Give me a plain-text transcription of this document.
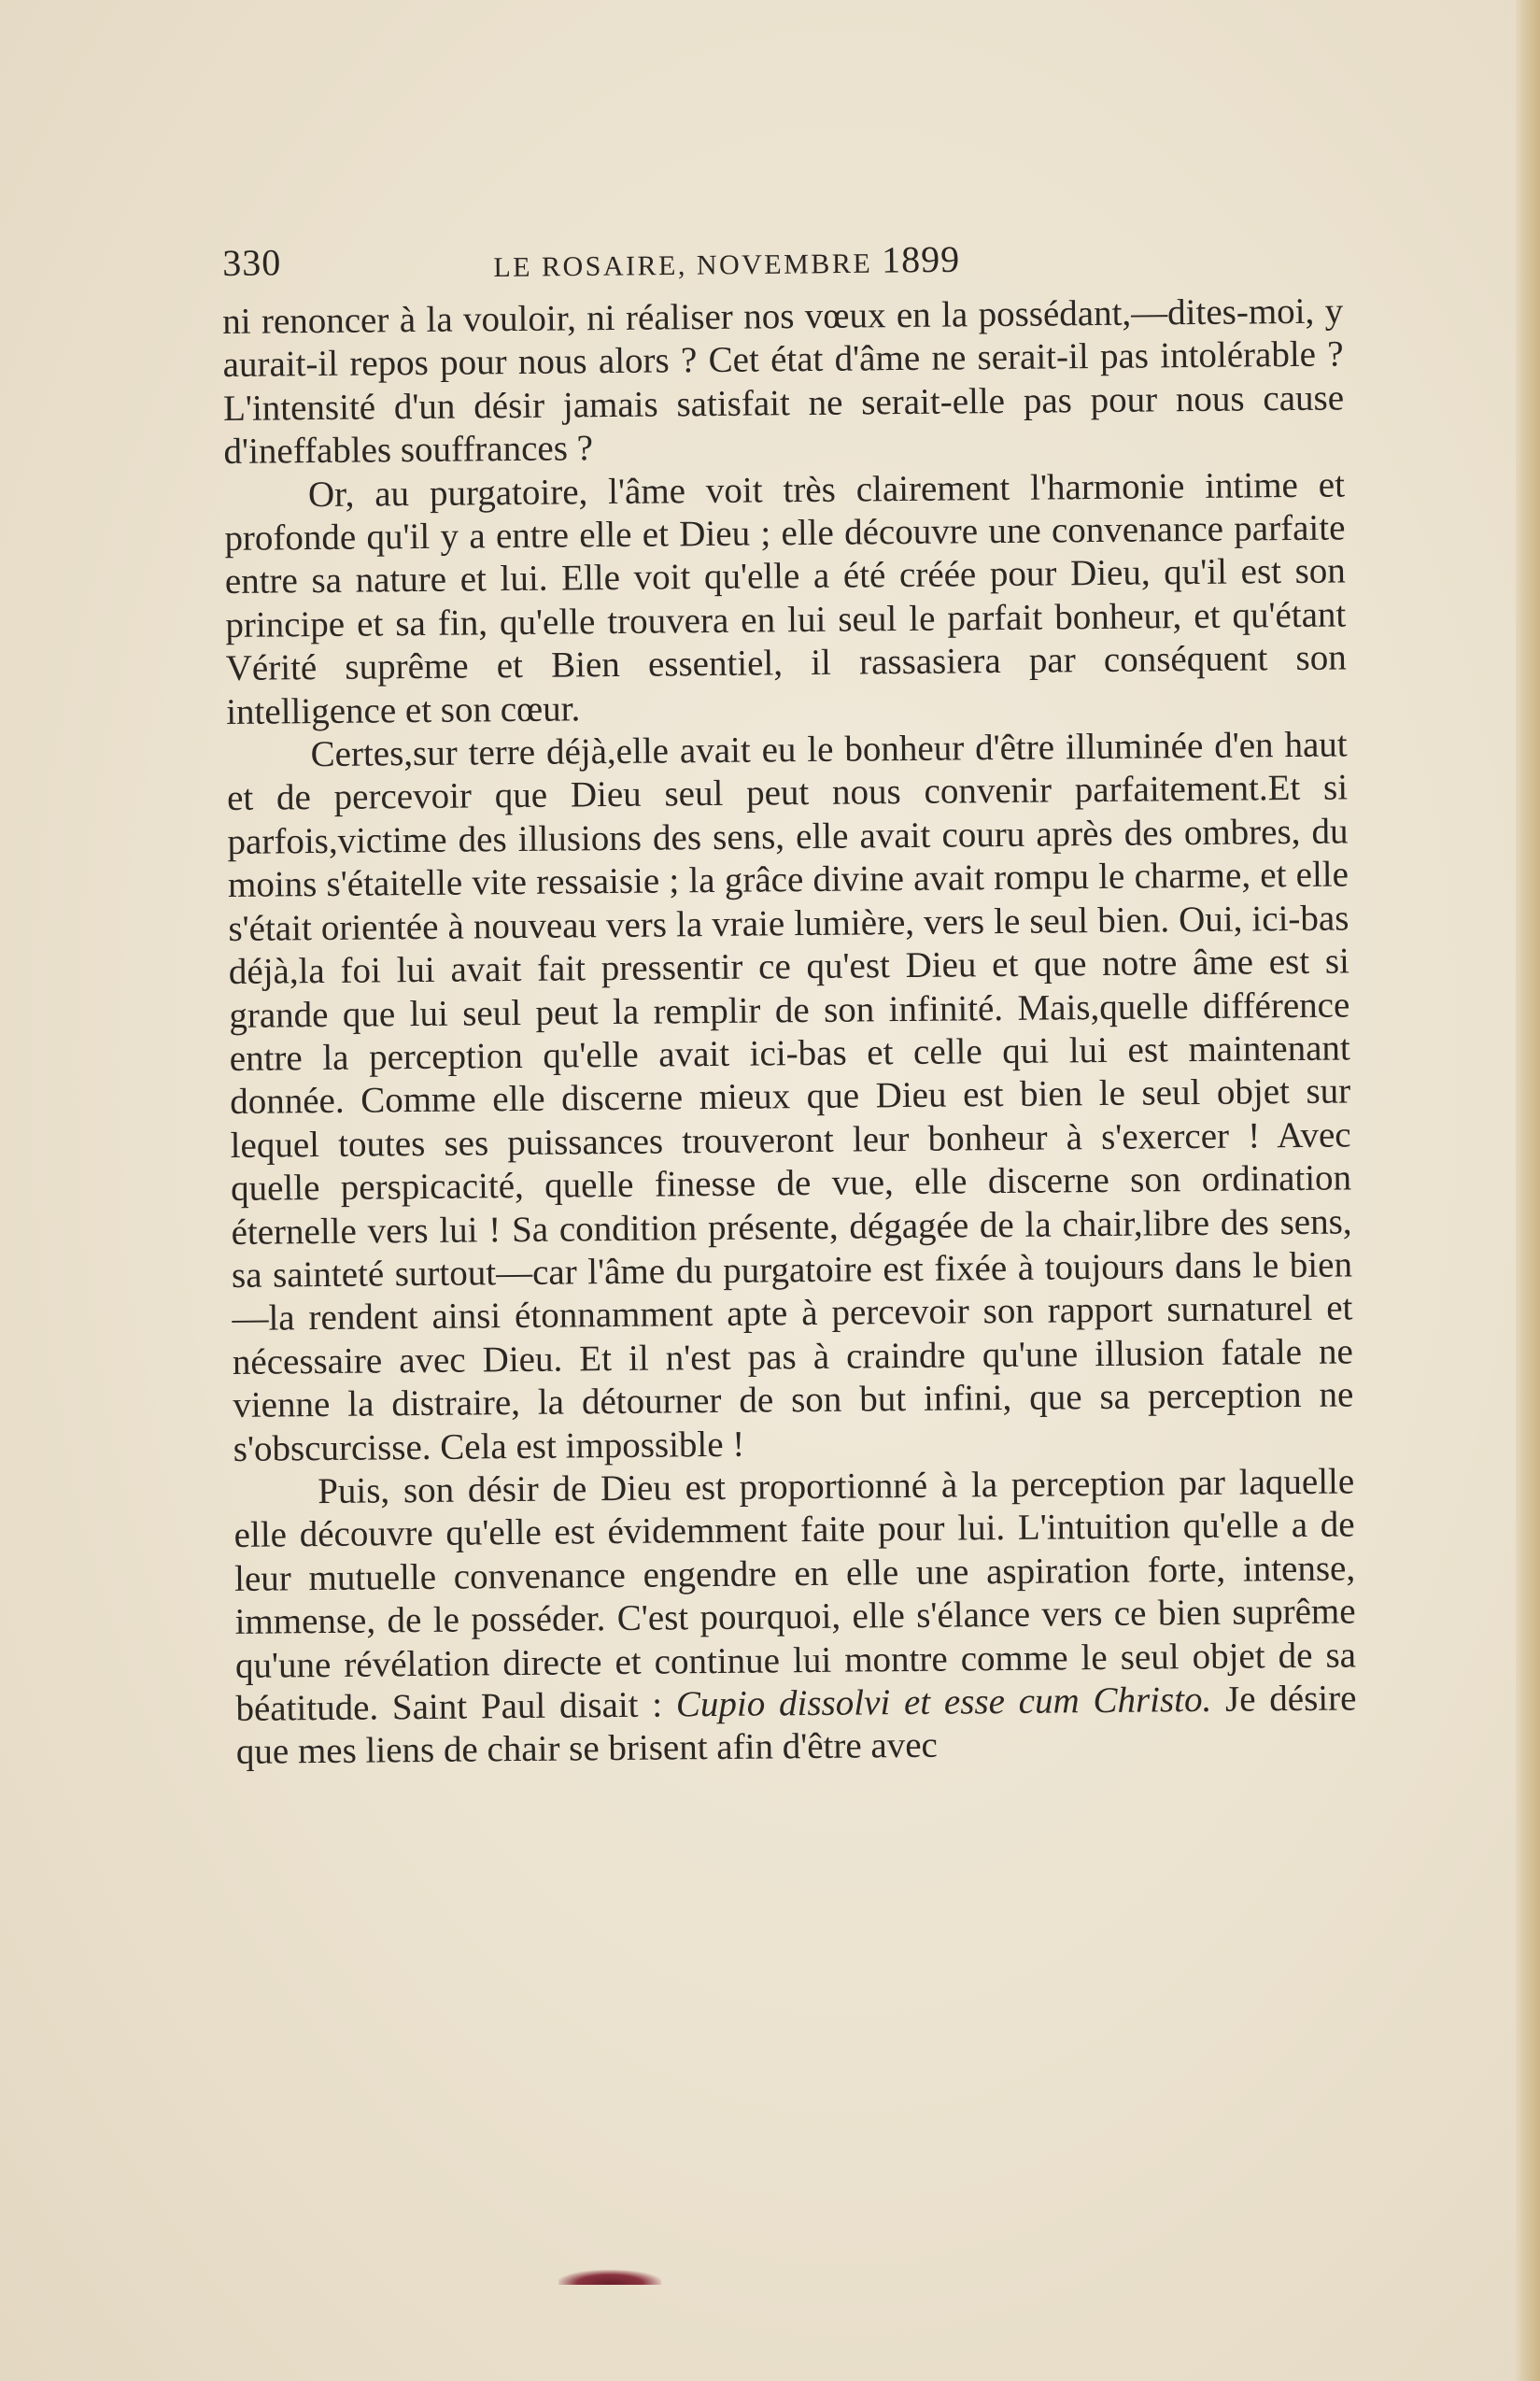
330	LE ROSAIRE, NOVEMBRE 1899

ni renoncer à la vouloir, ni réaliser nos vœux en la possédant,—dites-moi, y aurait-il repos pour nous alors ? Cet état d'âme ne serait-il pas intolérable ? L'intensité d'un désir jamais satisfait ne serait-elle pas pour nous cause d'ineffables souffrances ?

Or, au purgatoire, l'âme voit très clairement l'harmonie intime et profonde qu'il y a entre elle et Dieu ; elle découvre une convenance parfaite entre sa nature et lui. Elle voit qu'elle a été créée pour Dieu, qu'il est son principe et sa fin, qu'elle trouvera en lui seul le parfait bonheur, et qu'étant Vérité suprême et Bien essentiel, il rassasiera par conséquent son intelligence et son cœur.

Certes,sur terre déjà,elle avait eu le bonheur d'être illuminée d'en haut et de percevoir que Dieu seul peut nous convenir parfaitement.Et si parfois,victime des illusions des sens, elle avait couru après des ombres, du moins s'étaitelle vite ressaisie ; la grâce divine avait rompu le charme, et elle s'était orientée à nouveau vers la vraie lumière, vers le seul bien. Oui, ici-bas déjà,la foi lui avait fait pressentir ce qu'est Dieu et que notre âme est si grande que lui seul peut la remplir de son infinité. Mais,quelle différence entre la perception qu'elle avait ici-bas et celle qui lui est maintenant donnée. Comme elle discerne mieux que Dieu est bien le seul objet sur lequel toutes ses puissances trouveront leur bonheur à s'exercer ! Avec quelle perspicacité, quelle finesse de vue, elle discerne son ordination éternelle vers lui ! Sa condition présente, dégagée de la chair,libre des sens, sa sainteté surtout—car l'âme du purgatoire est fixée à toujours dans le bien—la rendent ainsi étonnamment apte à percevoir son rapport surnaturel et nécessaire avec Dieu. Et il n'est pas à craindre qu'une illusion fatale ne vienne la distraire, la détourner de son but infini, que sa perception ne s'obscurcisse. Cela est impossible !

Puis, son désir de Dieu est proportionné à la perception par laquelle elle découvre qu'elle est évidemment faite pour lui. L'intuition qu'elle a de leur mutuelle convenance engendre en elle une aspiration forte, intense, immense, de le posséder. C'est pourquoi, elle s'élance vers ce bien suprême qu'une révélation directe et continue lui montre comme le seul objet de sa béatitude. Saint Paul disait : Cupio dissolvi et esse cum Christo. Je désire que mes liens de chair se brisent afin d'être avec
